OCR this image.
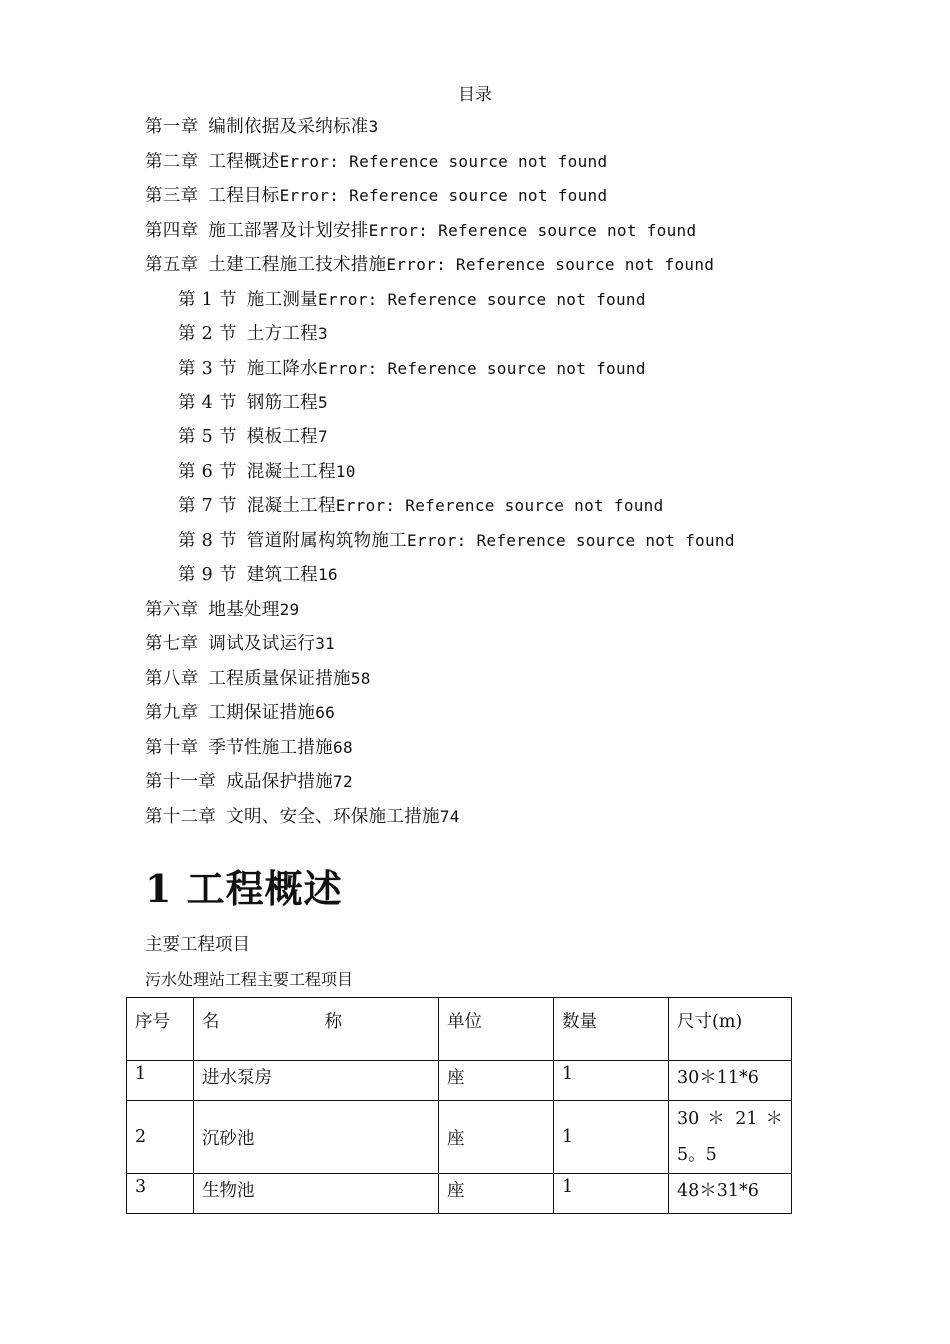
目录
第一章 编制依据及采纳标准3
第二章 工程概述Error: Reference source not found
第三章 工程目标Error: Reference source not found
第四章 施工部署及计划安排Error: Reference source not found
第五章 土建工程施工技术措施Error: Reference source not found
第 1 节 施工测量Error: Reference source not found
第 2 节 土方工程3
第 3 节 施工降水Error: Reference source not found
第 4 节 钢筋工程5
第 5 节 模板工程7
第 6 节 混凝土工程10
第 7 节 混凝土工程Error: Reference source not found
第 8 节 管道附属构筑物施工Error: Reference source not found
第 9 节 建筑工程16
第六章 地基处理29
第七章 调试及试运行31
第八章 工程质量保证措施58
第九章 工期保证措施66
第十章 季节性施工措施68
第十一章 成品保护措施72
第十二章 文明、安全、环保施工措施74
1 工程概述
主要工程项目
污水处理站工程主要工程项目
序号	名 称	单位	数量	尺寸(m)
1	进水泵房	座	1	30＊11*6
2	沉砂池	座	1	30 ＊ 21 ＊ 5。5

3	生物池	座	1	48＊31*6
